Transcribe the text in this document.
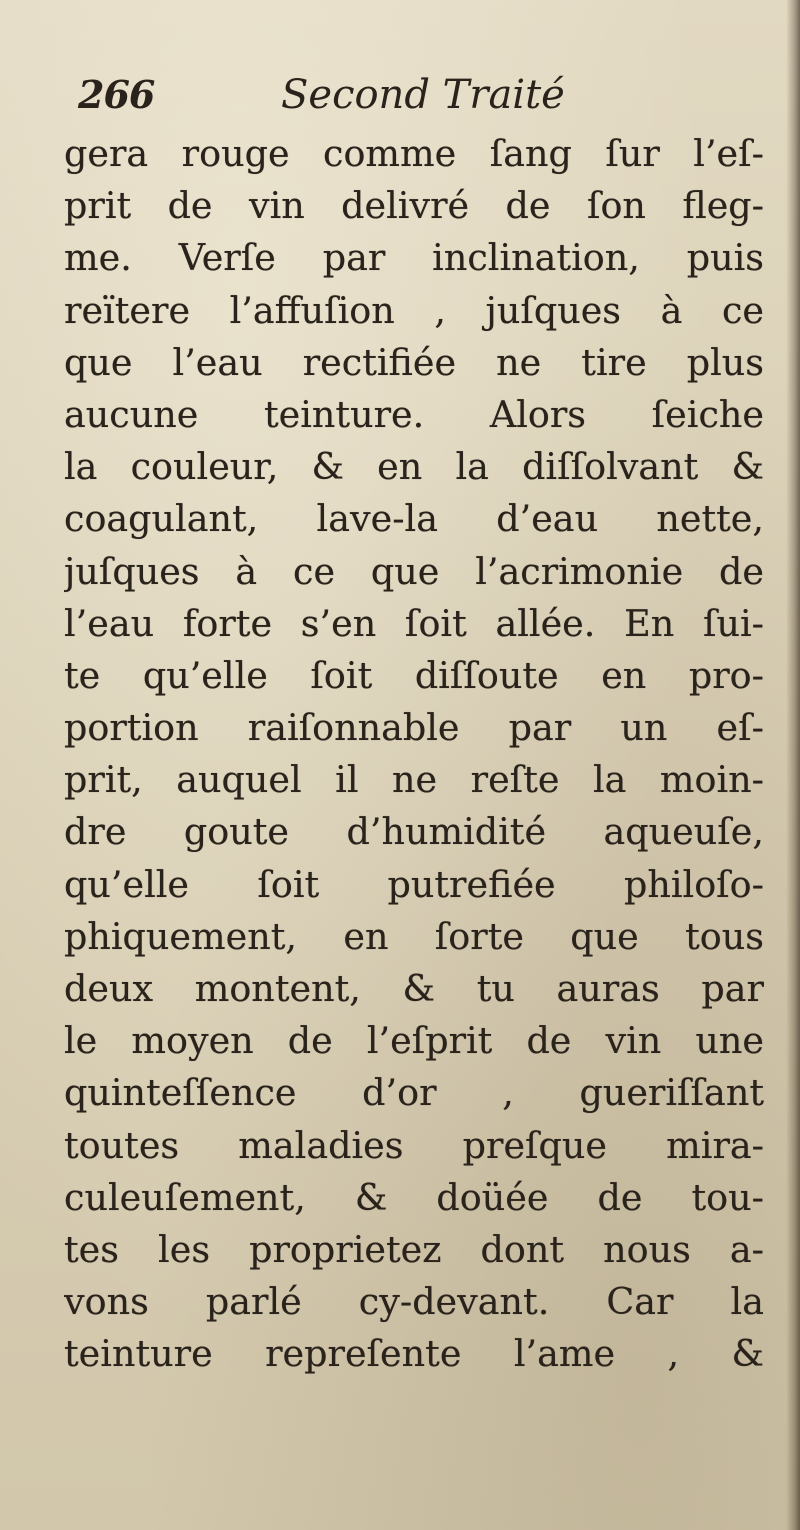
266	Second Traité
gera rouge comme ſang ſur l’eſ-
prit de vin delivré de ſon fleg-
me. Verſe par inclination, puis
reïtere l’affuſion , juſques à ce
que l’eau rectifiée ne tire plus
aucune teinture. Alors ſeiche
la couleur, & en la diſſolvant &
coagulant, lave-la d’eau nette,
juſques à ce que l’acrimonie de
l’eau forte s’en ſoit allée. En ſui-
te qu’elle ſoit diſſoute en pro-
portion raiſonnable par un eſ-
prit, auquel il ne reſte la moin-
dre goute d’humidité aqueuſe,
qu’elle ſoit putrefiée philoſo-
phiquement, en ſorte que tous
deux montent, & tu auras par
le moyen de l’eſprit de vin une
quinteſſence d’or , gueriſſant
toutes maladies preſque mira-
culeuſement, & doüée de tou-
tes les proprietez dont nous a-
vons parlé cy-devant. Car la
teinture repreſente l’ame , &
